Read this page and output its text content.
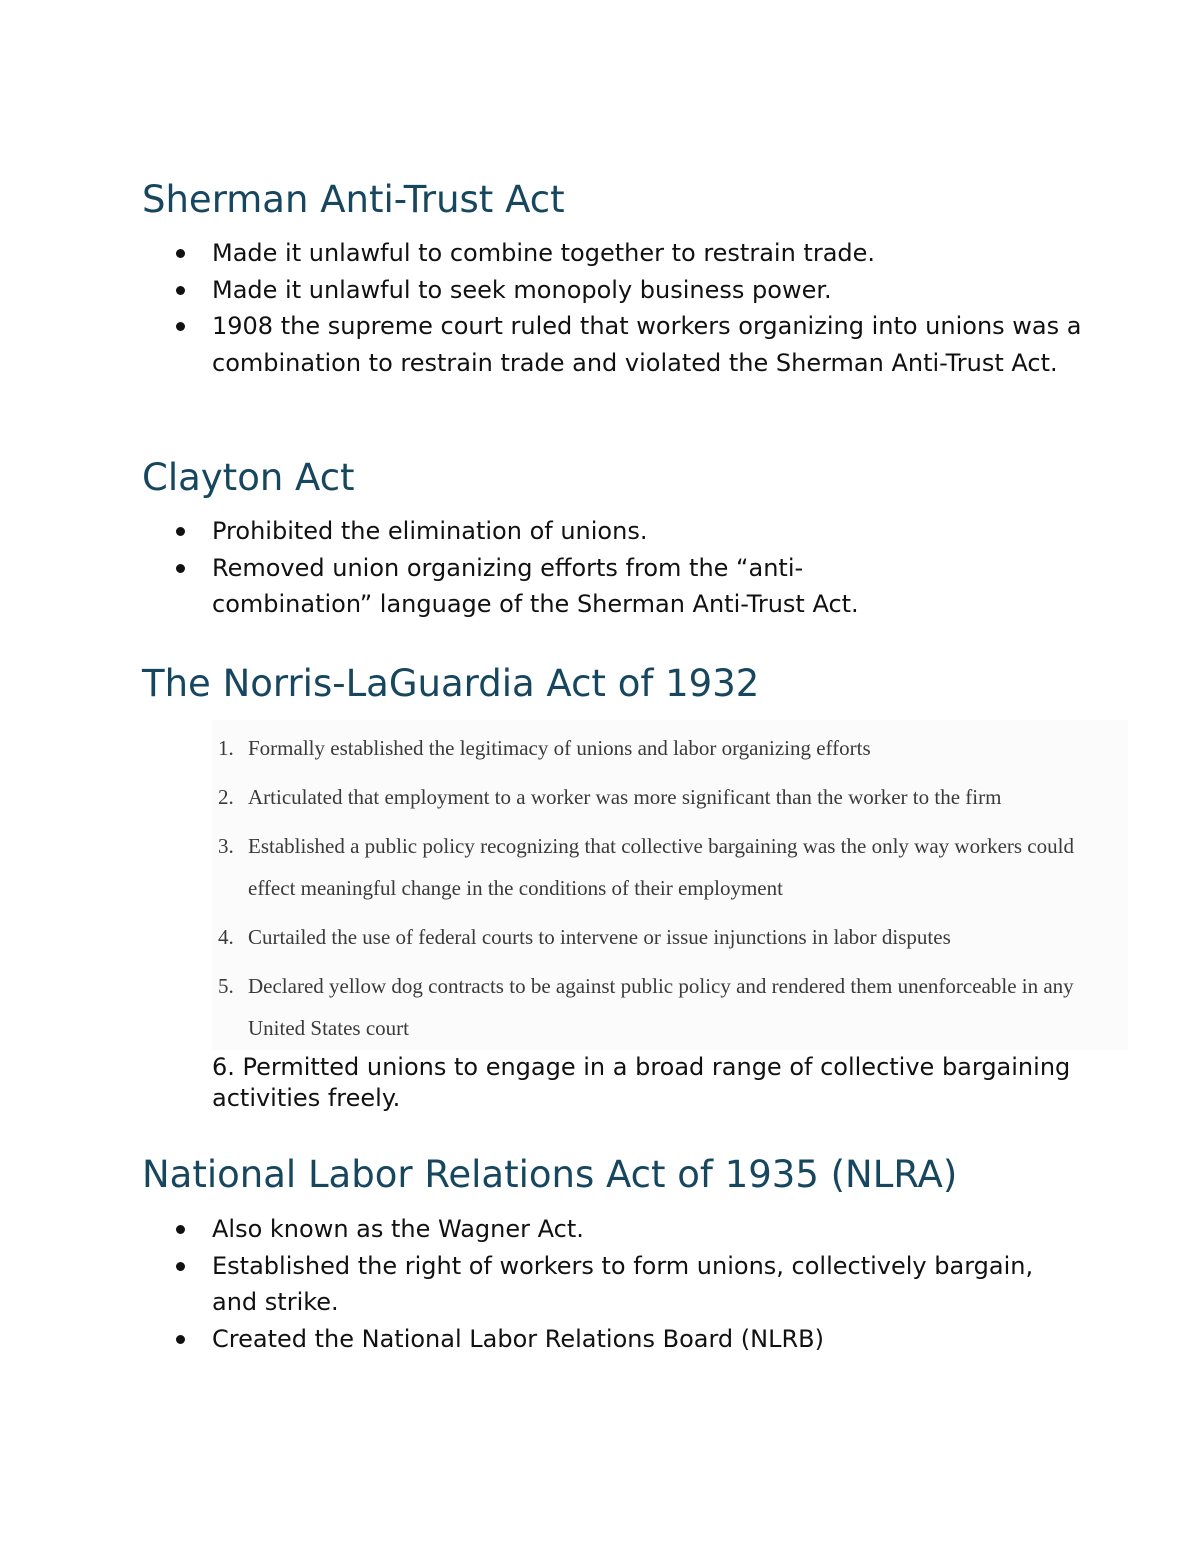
Sherman Anti-Trust Act
Made it unlawful to combine together to restrain trade.
Made it unlawful to seek monopoly business power.
1908 the supreme court ruled that workers organizing into unions was a combination to restrain trade and violated the Sherman Anti-Trust Act.
Clayton Act
Prohibited the elimination of unions.
Removed union organizing efforts from the “anti-combination” language of the Sherman Anti-Trust Act.
The Norris-LaGuardia Act of 1932
1. Formally established the legitimacy of unions and labor organizing efforts
2. Articulated that employment to a worker was more significant than the worker to the firm
3. Established a public policy recognizing that collective bargaining was the only way workers could effect meaningful change in the conditions of their employment
4. Curtailed the use of federal courts to intervene or issue injunctions in labor disputes
5. Declared yellow dog contracts to be against public policy and rendered them unenforceable in any United States court

6. Permitted unions to engage in a broad range of collective bargaining activities freely.

National Labor Relations Act of 1935 (NLRA)
Also known as the Wagner Act.
Established the right of workers to form unions, collectively bargain, and strike.
Created the National Labor Relations Board (NLRB)
